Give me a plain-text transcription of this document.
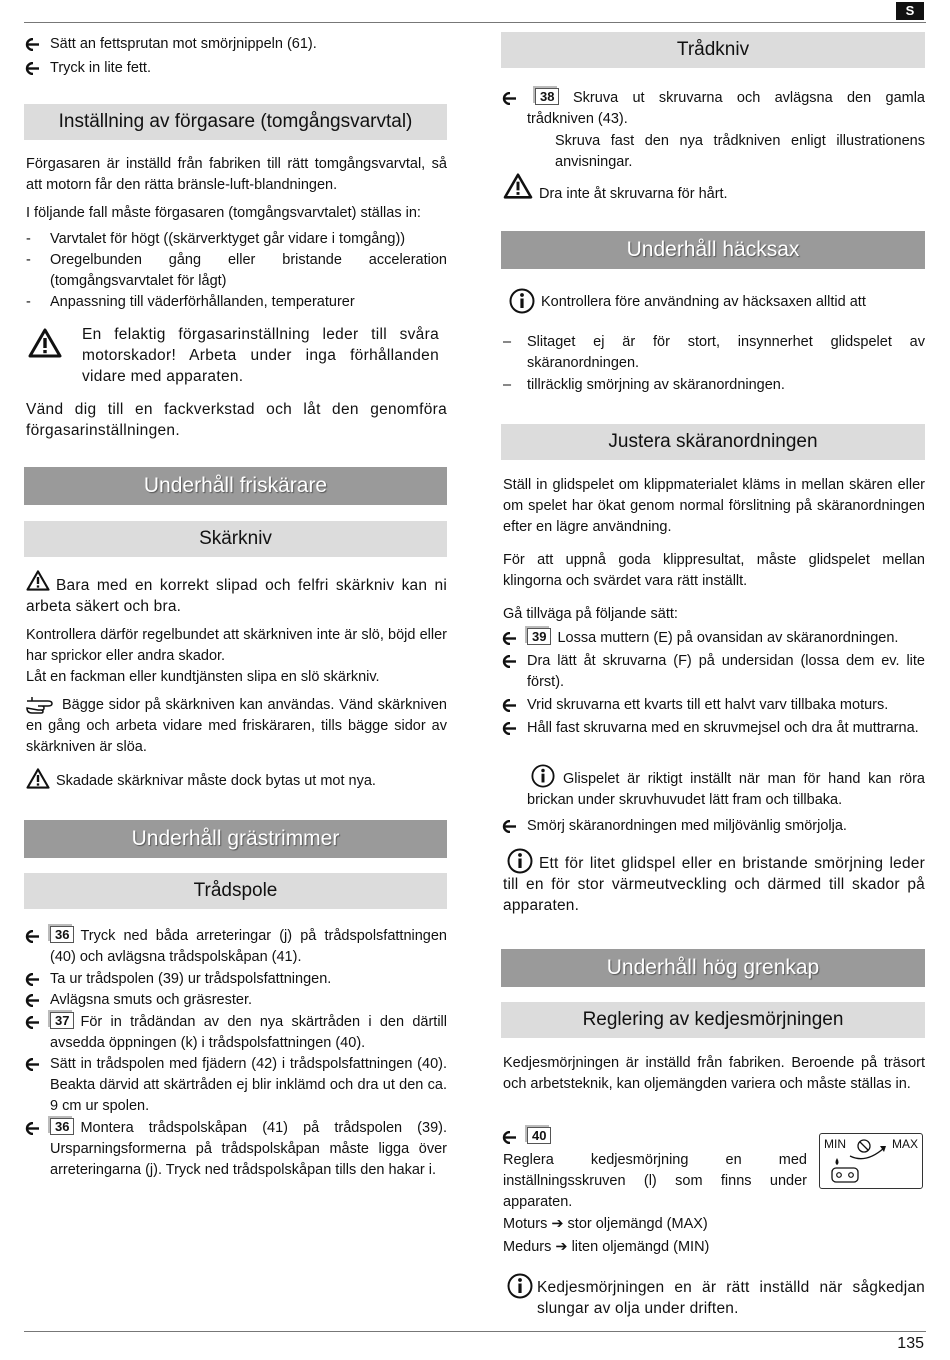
S
Sätt an fettsprutan mot smörjnippeln (61).
Tryck in lite fett.
Inställning av förgasare (tomgångsvarvtal)
Förgasaren är inställd från fabriken till rätt tomgångsvarvtal, så att motorn får den rätta bränsle-luft-blandningen.
I följande fall måste förgasaren (tomgångsvarvtalet) ställas in:
- Varvtalet för högt ((skärverktyget går vidare i tomgång))
- Oregelbunden gång eller bristande acceleration (tomgångsvarvtalet för lågt)
- Anpassning till väderförhållanden, temperaturer
En felaktig förgasarinställning leder till svåra motorskador! Arbeta under inga förhållanden vidare med apparaten.
Vänd dig till en fackverkstad och låt den genomföra förgasarinställningen.
Underhåll friskärare
Skärkniv
Bara med en korrekt slipad och felfri skärkniv kan ni arbeta säkert och bra.
Kontrollera därför regelbundet att skärkniven inte är slö, böjd eller har sprickor eller andra skador.
Låt en fackman eller kundtjänsten slipa en slö skärkniv.
Bägge sidor på skärkniven kan användas. Vänd skärkniven en gång och arbeta vidare med friskäraren, tills bägge sidor av skärkniven är slöa.
Skadade skärknivar måste dock bytas ut mot nya.
Underhåll grästrimmer
Trådspole
36 Tryck ned båda arreteringar (j) på trådspolsfattningen (40) och avlägsna trådspolskåpan (41).
Ta ur trådspolen (39) ur trådspolsfattningen.
Avlägsna smuts och gräsrester.
37 För in trådändan av den nya skärtråden i den därtill avsedda öppningen (k) i trådspolsfattningen (40).
Sätt in trådspolen med fjädern (42) i trådspolsfattningen (40). Beakta därvid att skärtråden ej blir inklämd och dra ut den ca. 9 cm ur spolen.
36 Montera trådspolskåpan (41) på trådspolen (39). Ursparningsformerna på trådspolskåpan måste ligga över arreteringarna (j). Tryck ned trådspolskåpan tills den hakar i.
Trådkniv
38	Skruva ut skruvarna och avlägsna den gamla trådkniven (43).
Skruva fast den nya trådkniven enligt illustrationens anvisningar.
Dra inte åt skruvarna för hårt.
Underhåll häcksax
Kontrollera före användning av häcksaxen alltid att
– Slitaget ej är för stort, insynnerhet glidspelet av skäranordningen.
– tillräcklig smörjning av skäranordningen.
Justera skäranordningen
Ställ in glidspelet om klippmaterialet kläms in mellan skären eller om spelet har ökat genom normal förslitning på skäranordningen efter en lägre användning.
För att uppnå goda klippresultat, måste glidspelet mellan klingorna och svärdet vara rätt inställt.
Gå tillväga på följande sätt:
39 Lossa muttern (E) på ovansidan av skäranordningen.
Dra lätt åt skruvarna (F) på undersidan (lossa dem ev. lite först).
Vrid skruvarna ett kvarts till ett halvt varv tillbaka moturs.
Håll fast skruvarna med en skruvmejsel och dra åt muttrarna.
Glispelet är riktigt inställt när man för hand kan röra brickan under skruvhuvudet lätt fram och tillbaka.
Smörj skäranordningen med miljövänlig smörjolja.
Ett för litet glidspel eller en bristande smörjning leder till en för stor värmeutveckling och därmed till skador på apparaten.
Underhåll hög grenkap
Reglering av kedjesmörjningen
Kedjesmörjningen är inställd från fabriken. Beroende på träsort och arbetsteknik, kan oljemängden variera och måste ställas in.
40
Reglera kedjesmörjning en med inställningsskruven (l) som finns under apparaten.
MIN	MAX
Moturs ➔ stor oljemängd (MAX)
Medurs ➔ liten oljemängd (MIN)
Kedjesmörjningen en är rätt inställd när sågkedjan slungar av olja under driften.
135
